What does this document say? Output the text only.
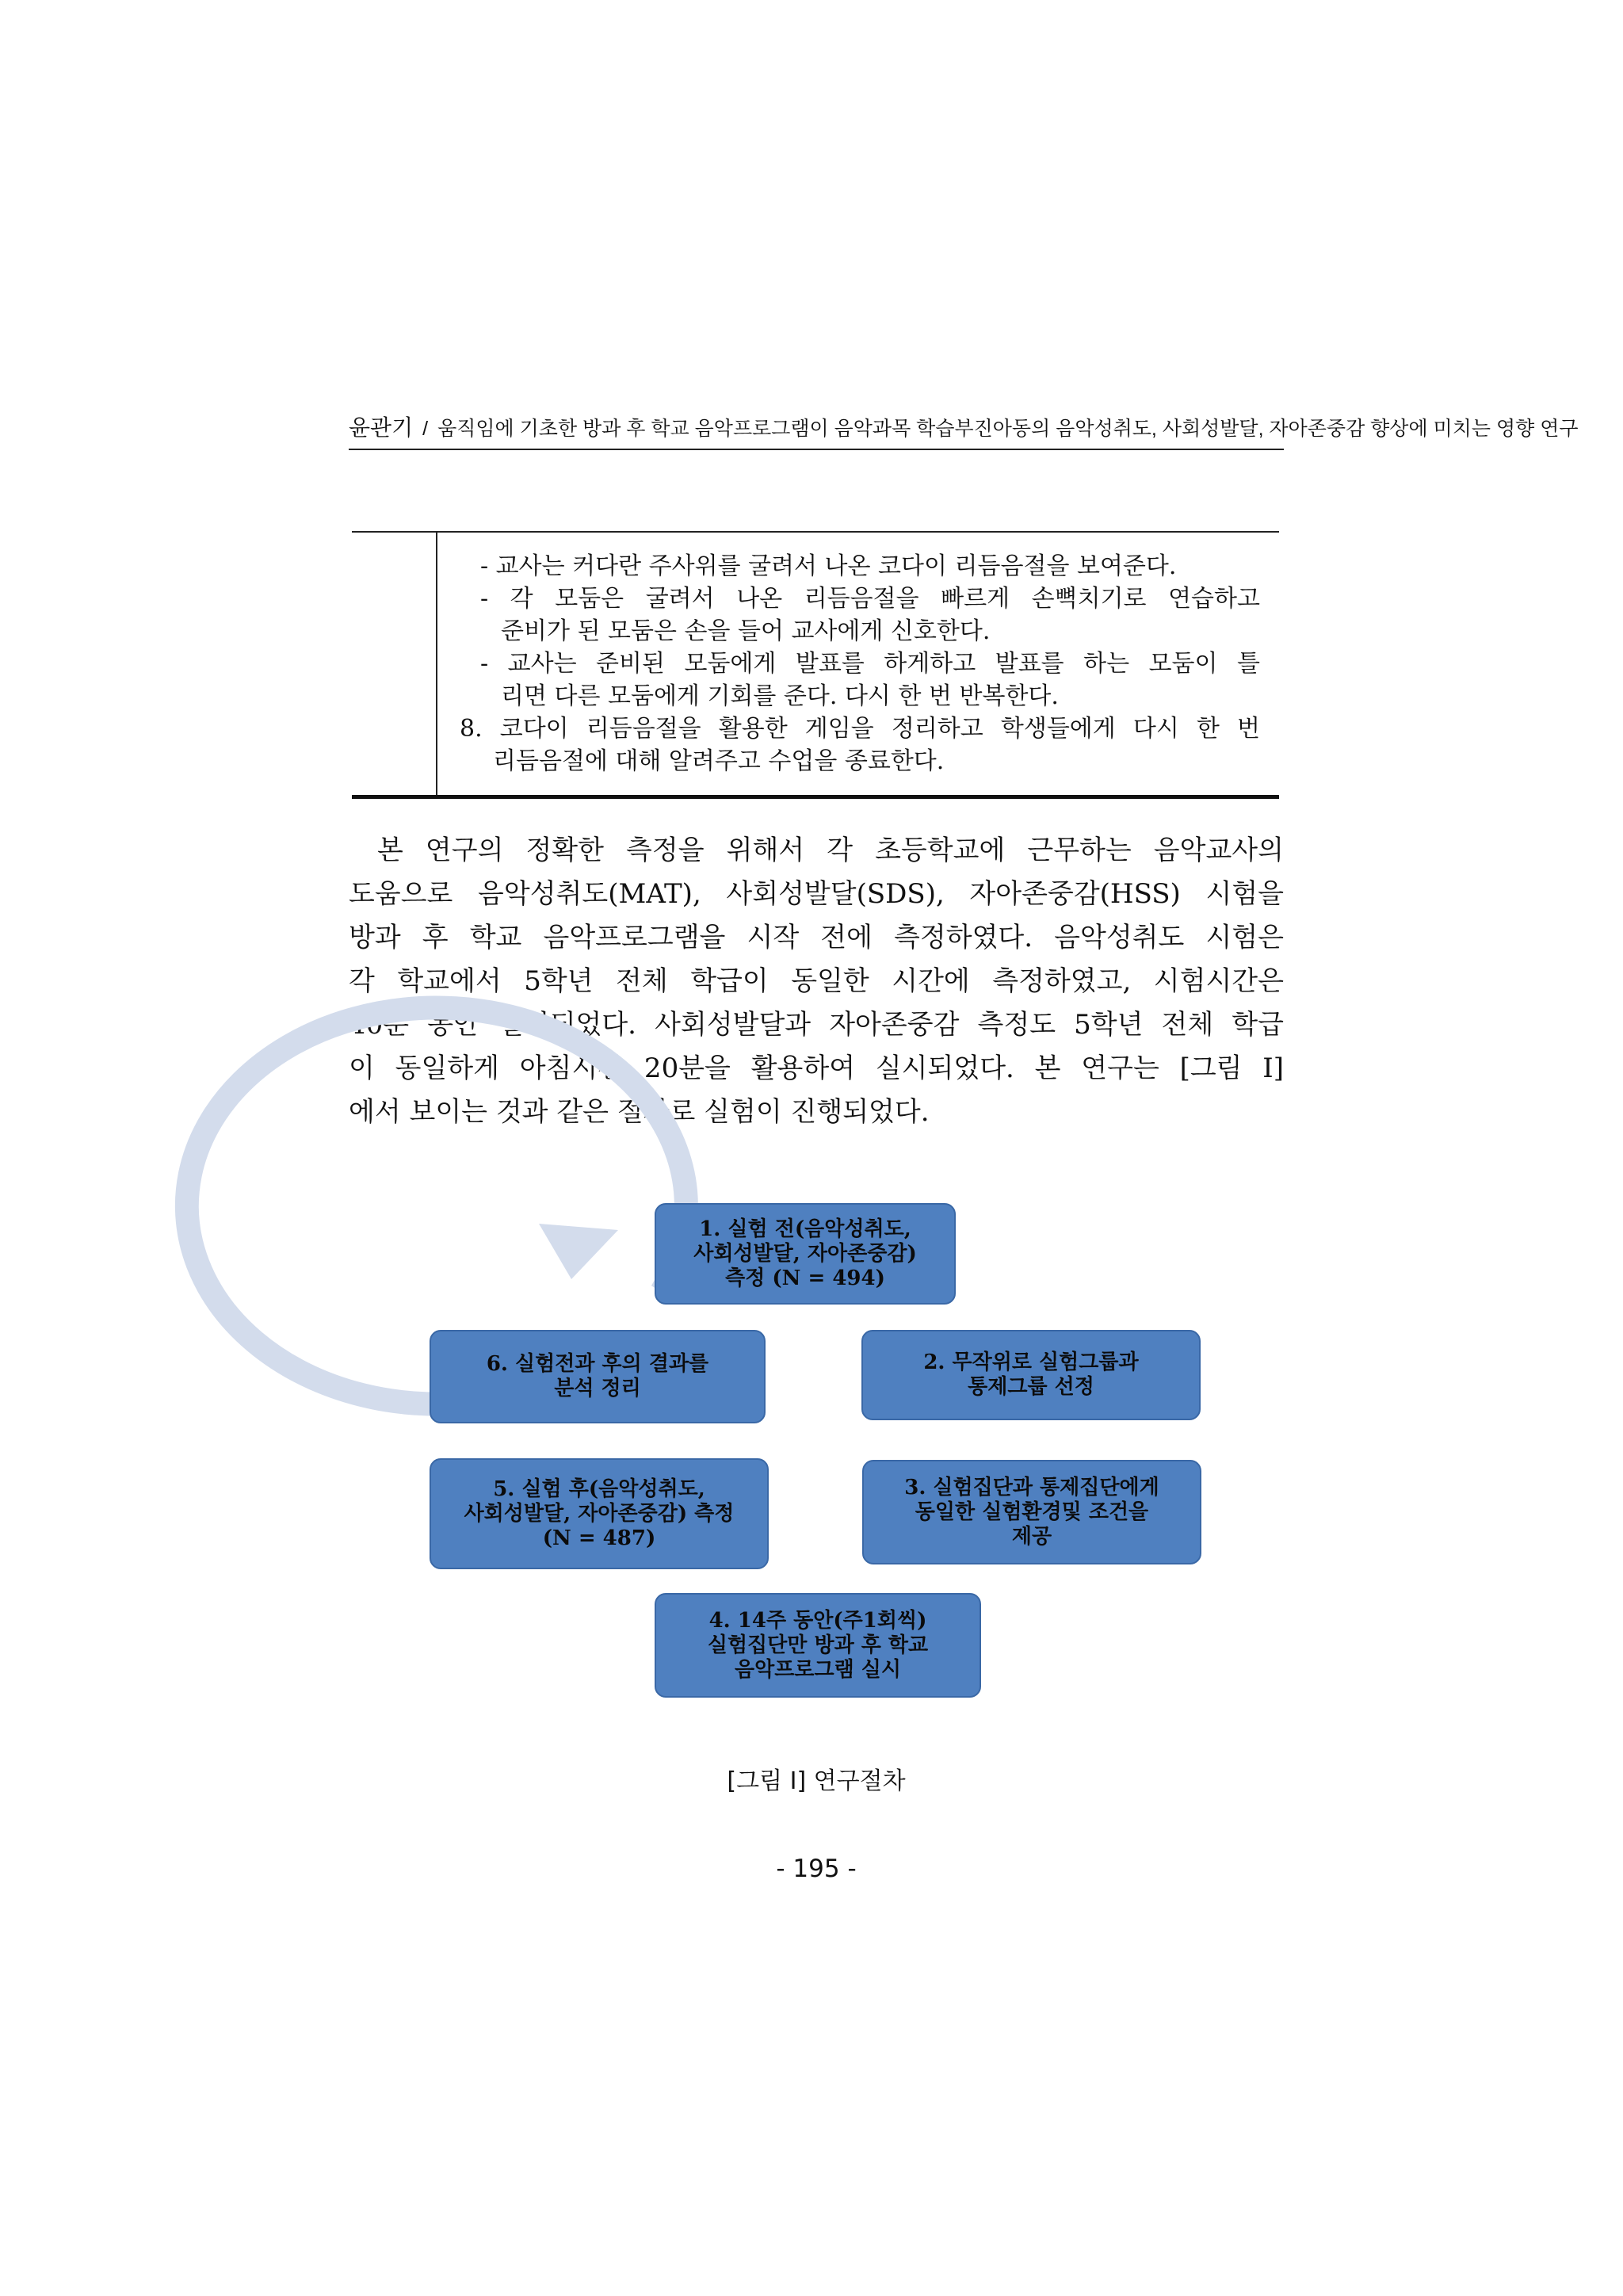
윤관기 / 움직임에 기초한 방과 후 학교 음악프로그램이 음악과목 학습부진아동의 음악성취도, 사회성발달, 자아존중감 향상에 미치는 영향 연구
- 교사는 커다란 주사위를 굴려서 나온 코다이 리듬음절을 보여준다.
- 각 모둠은 굴려서 나온 리듬음절을 빠르게 손뼉치기로 연습하고
준비가 된 모둠은 손을 들어 교사에게 신호한다.
- 교사는 준비된 모둠에게 발표를 하게하고 발표를 하는 모둠이 틀
리면 다른 모둠에게 기회를 준다. 다시 한 번 반복한다.
8. 코다이 리듬음절을 활용한 게임을 정리하고 학생들에게 다시 한 번
리듬음절에 대해 알려주고 수업을 종료한다.
본 연구의 정확한 측정을 위해서 각 초등학교에 근무하는 음악교사의
도움으로 음악성취도(MAT), 사회성발달(SDS), 자아존중감(HSS) 시험을
방과 후 학교 음악프로그램을 시작 전에 측정하였다. 음악성취도 시험은
각 학교에서 5학년 전체 학급이 동일한 시간에 측정하였고, 시험시간은
40분 동안 실시되었다. 사회성발달과 자아존중감 측정도 5학년 전체 학급
이 동일하게 아침시간 20분을 활용하여 실시되었다. 본 연구는 [그림 I]
에서 보이는 것과 같은 절차로 실험이 진행되었다.
1. 실험 전(음악성취도,
사회성발달, 자아존중감)
측정 (N = 494)
2. 무작위로 실험그룹과
통제그룹 선정
3. 실험집단과 통제집단에게
동일한 실험환경및 조건을
제공
4. 14주 동안(주1회씩)
실험집단만 방과 후 학교
음악프로그램 실시
5. 실험 후(음악성취도,
사회성발달, 자아존중감) 측정
(N = 487)
6. 실험전과 후의 결과를
분석 정리
[그림 I] 연구절차
- 195 -
